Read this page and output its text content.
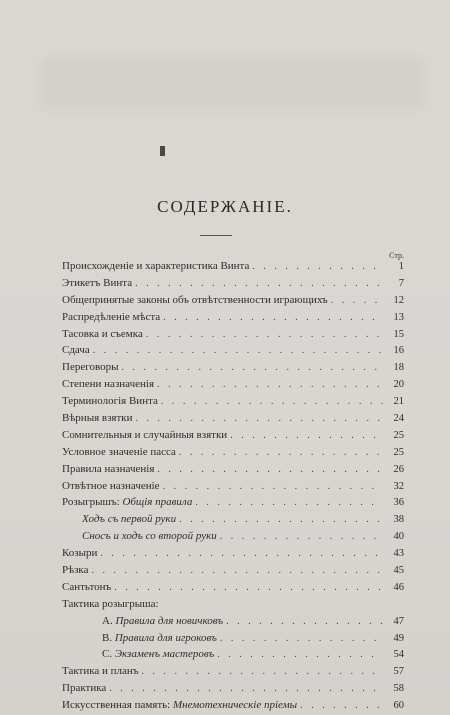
СОДЕРЖАНІЕ.
Стр.
Происхожденіе и характеристика Винта . . .	1
Этикетъ Винта . . .	7
Общепринятые законы объ отвѣтственности играющихъ . . .	12
Распредѣленіе мѣста . . .	13
Тасовка и съемка . . .	15
Сдача . . .	16
Переговоры . . .	18
Степени назначенія . . .	20
Терминологія Винта . . .	21
Вѣрныя взятки . . .	24
Сомнительныя и случайныя взятки . . .	25
Условное значеніе пасса . . .	25
Правила назначенія . . .	26
Отвѣтное назначеніе . . .	32
Розыгрышъ: Общія правила . . .	36
Ходъ съ первой руки . . .	38
Сносъ и ходъ со второй руки . . .	40
Козыри . . .	43
Рѣзка . . .	45
Сантьтонъ . . .	46
Тактика розыгрыша:
A. Правила для новичковъ . . .	47
B. Правила для игроковъ . . .	49
C. Экзаменъ мастеровъ . . .	54
Тактика и планъ . . .	57
Практика . . .	58
Искусственная память: Мнемотехническіе пріемы . . .	60
